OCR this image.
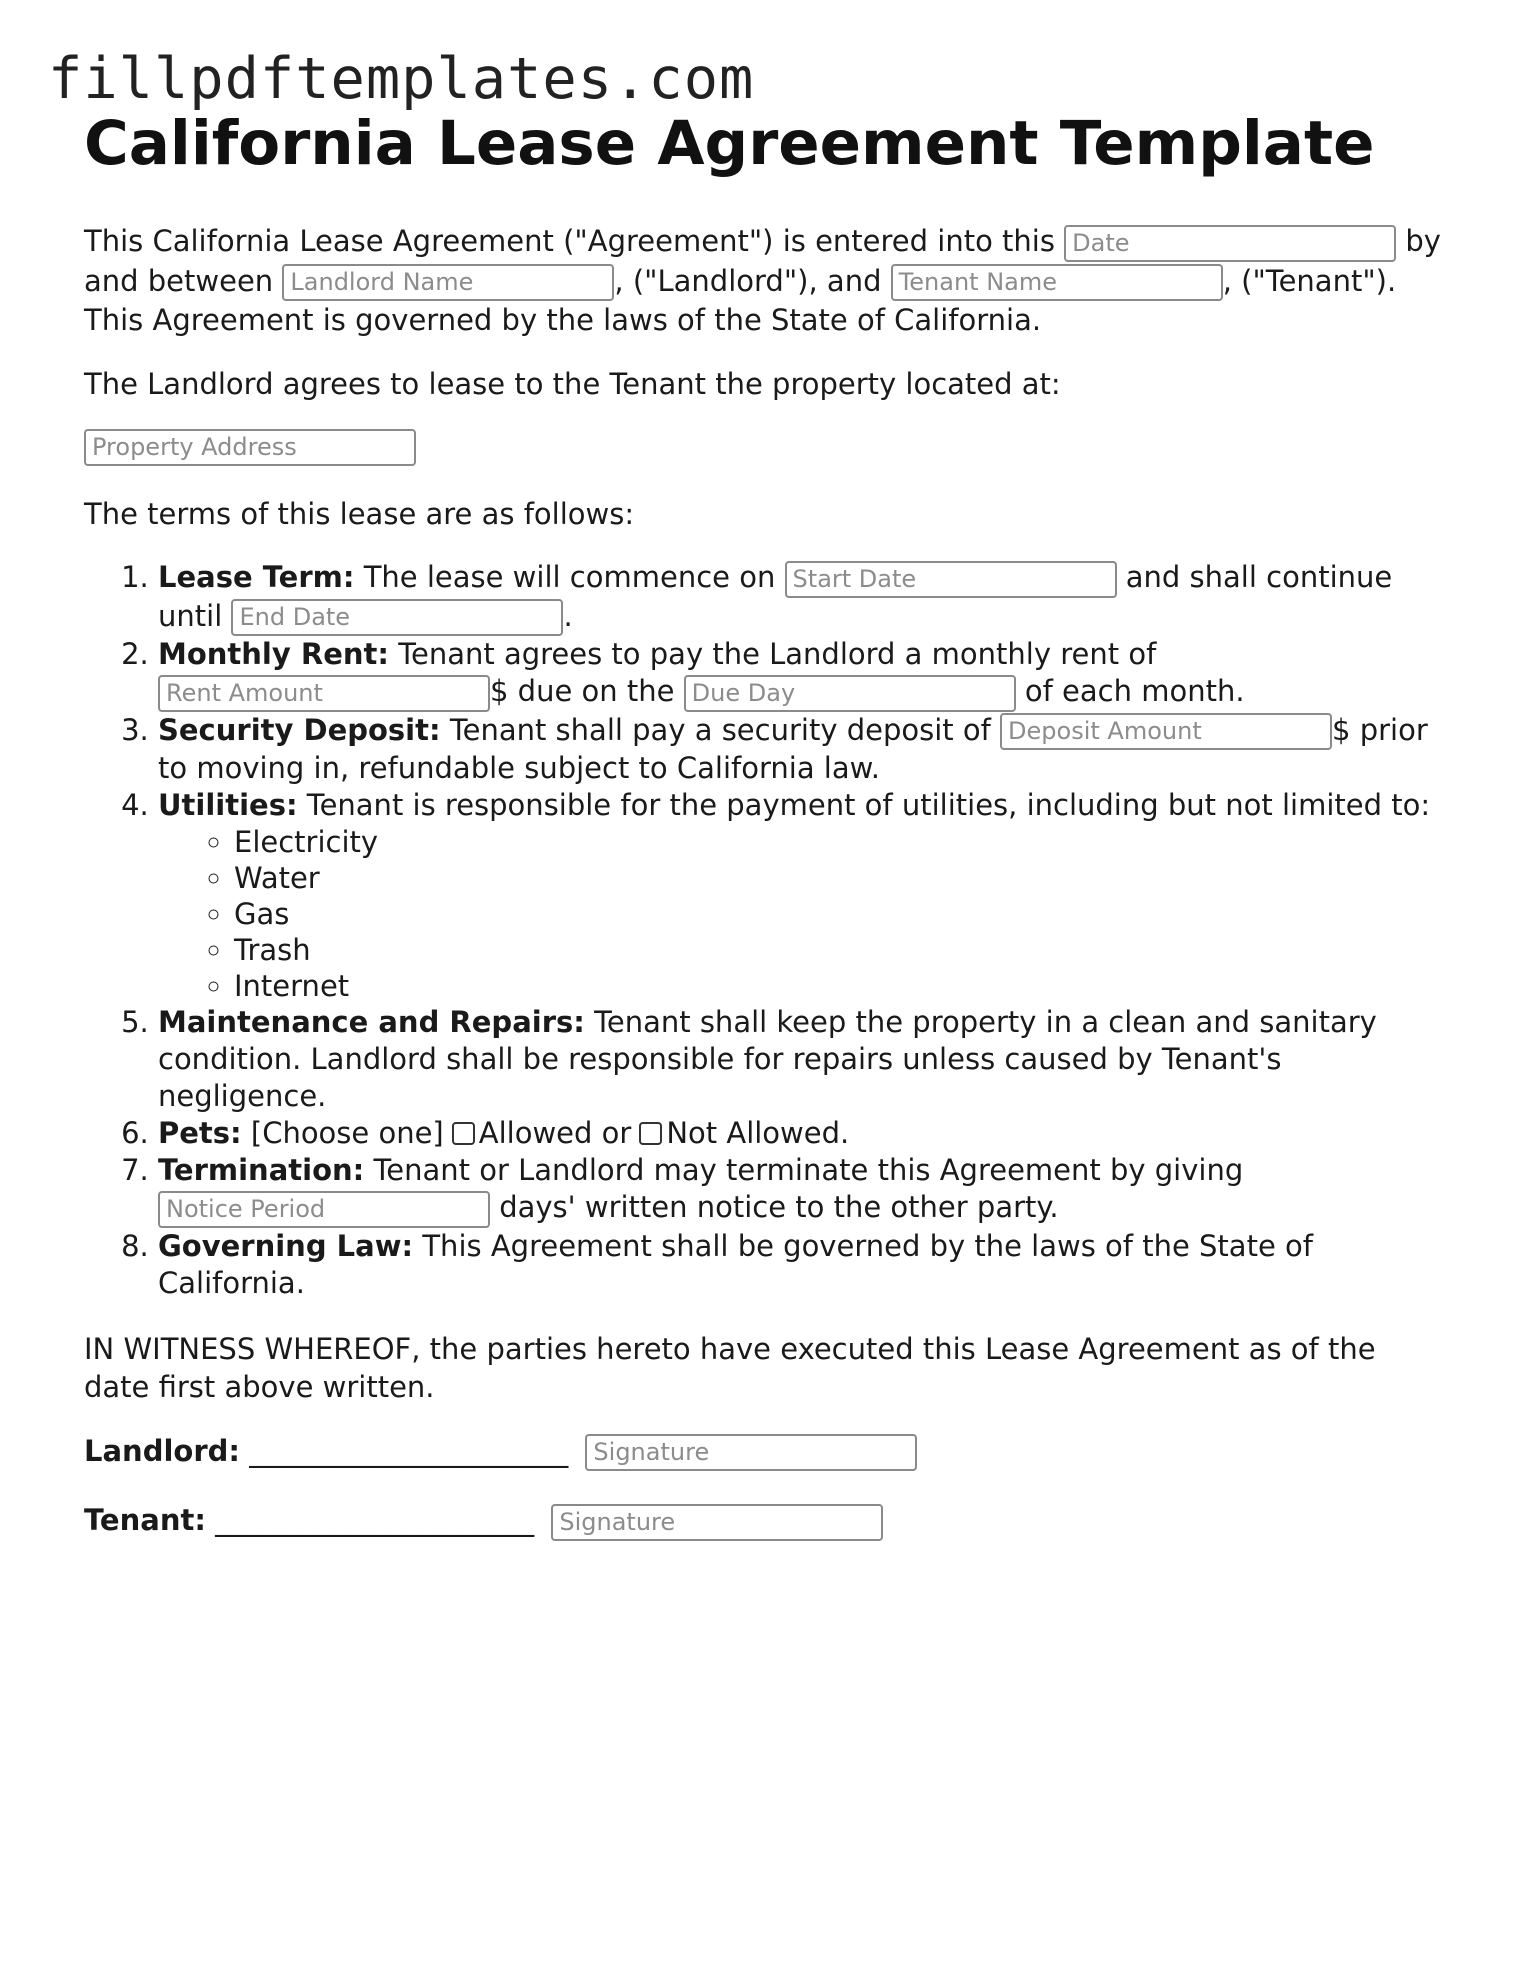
fillpdftemplates.com
California Lease Agreement Template

This California Lease Agreement ("Agreement") is entered into this Date	by and between Landlord Name	, ("Landlord"), and Tenant Name	, ("Tenant"). This Agreement is governed by the laws of the State of California.

The Landlord agrees to lease to the Tenant the property located at:

Property Address

The terms of this lease are as follows:

1. Lease Term: The lease will commence on Start Date	and shall continue until End Date	.
2. Monthly Rent: Tenant agrees to pay the Landlord a monthly rent of Rent Amount	$ due on the Due Day	of each month.
3. Security Deposit: Tenant shall pay a security deposit of Deposit Amount	$ prior to moving in, refundable subject to California law.
4. Utilities: Tenant is responsible for the payment of utilities, including but not limited to:
◦ Electricity
◦ Water
◦ Gas
◦ Trash
◦ Internet
5. Maintenance and Repairs: Tenant shall keep the property in a clean and sanitary condition. Landlord shall be responsible for repairs unless caused by Tenant's negligence.
6. Pets: [Choose one] Allowed or Not Allowed.
7. Termination: Tenant or Landlord may terminate this Agreement by giving Notice Period	days' written notice to the other party.
8. Governing Law: This Agreement shall be governed by the laws of the State of California.

IN WITNESS WHEREOF, the parties hereto have executed this Lease Agreement as of the date first above written.

Landlord: ______________________ Signature
Tenant: ______________________ Signature
